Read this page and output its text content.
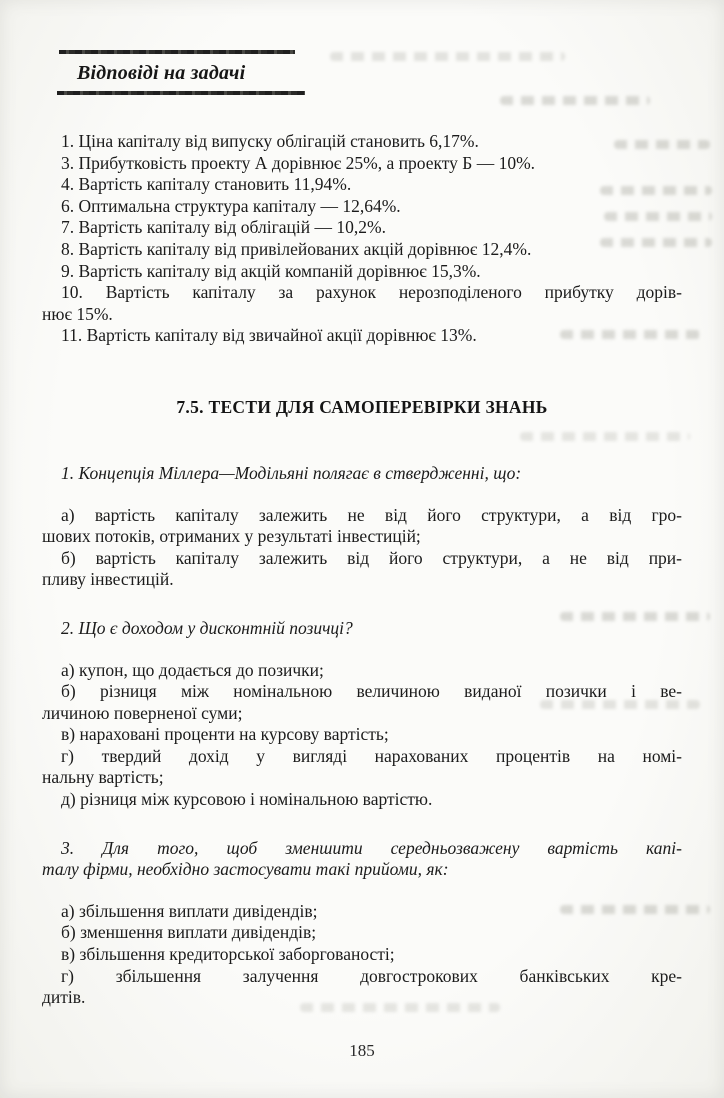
Відповіді на задачі
1. Ціна капіталу від випуску облігацій становить 6,17%.
3. Прибутковість проекту А дорівнює 25%, а проекту Б — 10%.
4. Вартість капіталу становить 11,94%.
6. Оптимальна структура капіталу — 12,64%.
7. Вартість капіталу від облігацій — 10,2%.
8. Вартість капіталу від привілейованих акцій дорівнює 12,4%.
9. Вартість капіталу від акцій компаній дорівнює 15,3%.
10. Вартість капіталу за рахунок нерозподіленого прибутку дорів-
нює 15%.
11. Вартість капіталу від звичайної акції дорівнює 13%.
7.5. ТЕСТИ ДЛЯ САМОПЕРЕВІРКИ ЗНАНЬ
1. Концепція Міллера—Модільяні полягає в ствердженні, що:
а) вартість капіталу залежить не від його структури, а від гро-
шових потоків, отриманих у результаті інвестицій;
б) вартість капіталу залежить від його структури, а не від при-
пливу інвестицій.
2. Що є доходом у дисконтній позичці?
а) купон, що додається до позички;
б) різниця між номінальною величиною виданої позички і ве-
личиною поверненої суми;
в) нараховані проценти на курсову вартість;
г) твердий дохід у вигляді нарахованих процентів на номі-
нальну вартість;
д) різниця між курсовою і номінальною вартістю.
3. Для того, щоб зменшити середньозважену вартість капі-
талу фірми, необхідно застосувати такі прийоми, як:
а) збільшення виплати дивідендів;
б) зменшення виплати дивідендів;
в) збільшення кредиторської заборгованості;
г) збільшення залучення довгострокових банківських кре-
дитів.
185
